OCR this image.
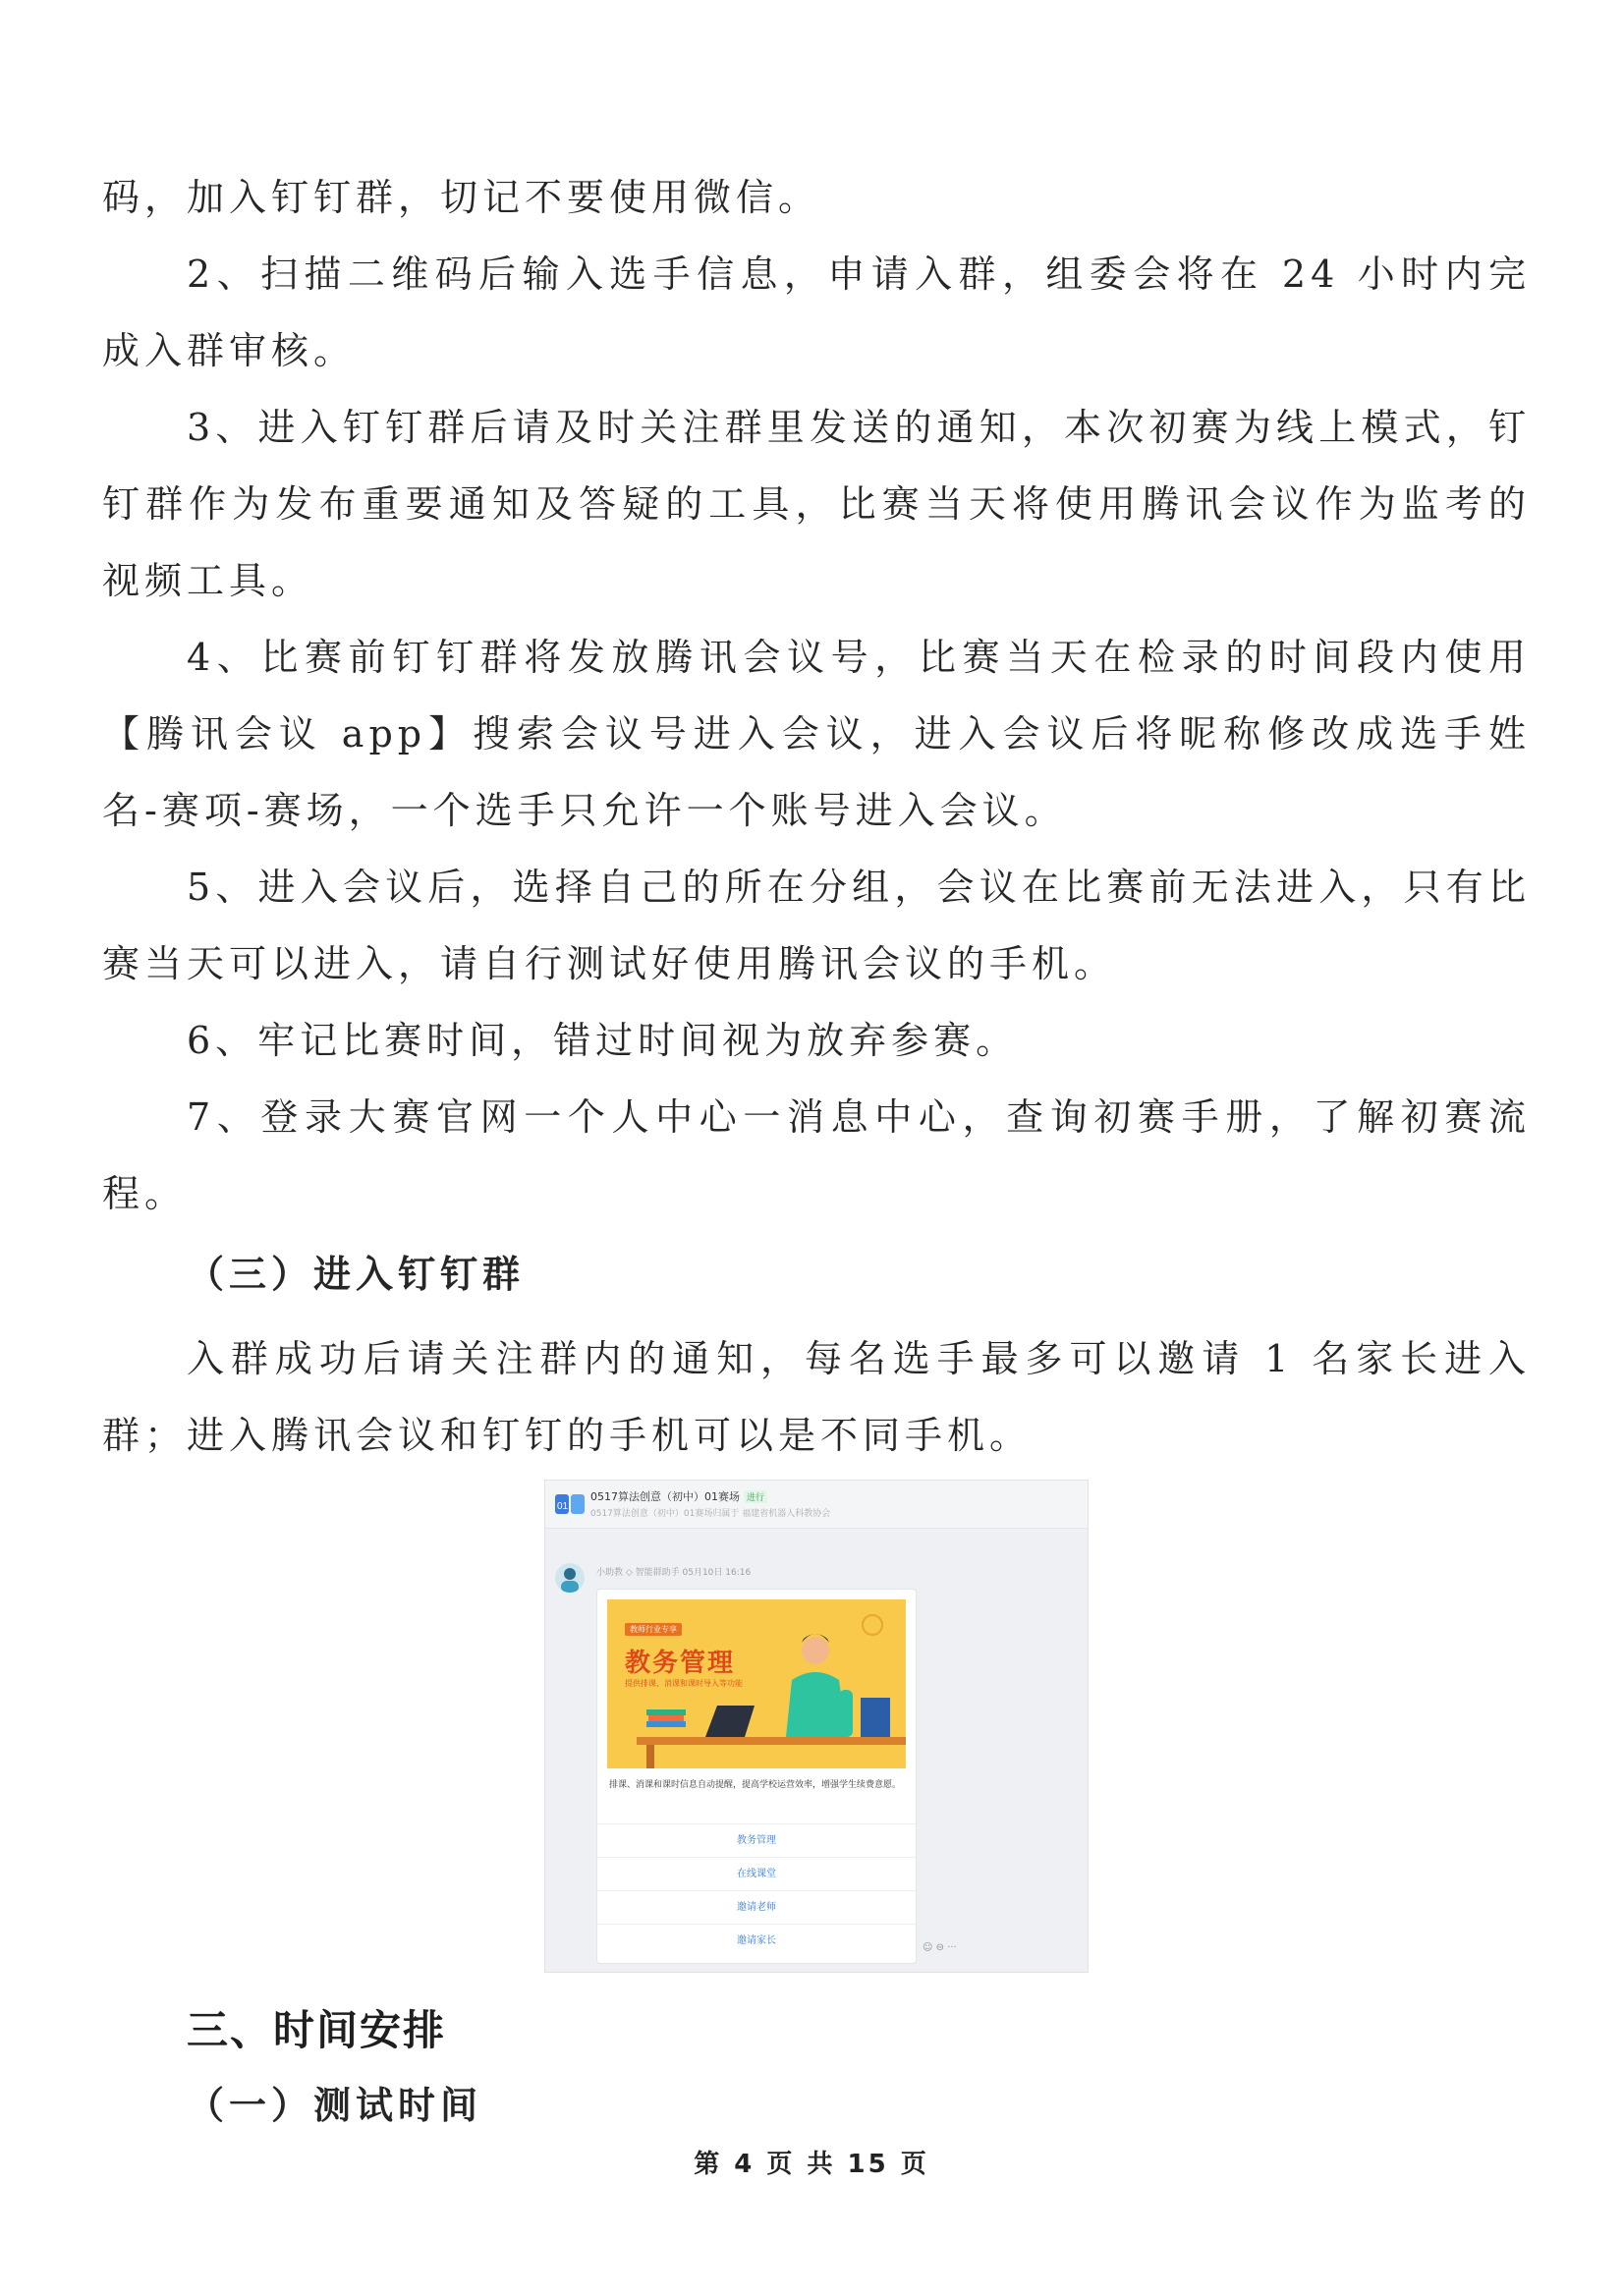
码，加入钉钉群，切记不要使用微信。

2、扫描二维码后输入选手信息，申请入群，组委会将在 24 小时内完成入群审核。

3、进入钉钉群后请及时关注群里发送的通知，本次初赛为线上模式，钉钉群作为发布重要通知及答疑的工具，比赛当天将使用腾讯会议作为监考的视频工具。

4、比赛前钉钉群将发放腾讯会议号，比赛当天在检录的时间段内使用【腾讯会议 app】搜索会议号进入会议，进入会议后将昵称修改成选手姓名-赛项-赛场，一个选手只允许一个账号进入会议。

5、进入会议后，选择自己的所在分组，会议在比赛前无法进入，只有比赛当天可以进入，请自行测试好使用腾讯会议的手机。

6、牢记比赛时间，错过时间视为放弃参赛。

7、登录大赛官网一个人中心一消息中心，查询初赛手册，了解初赛流程。

（三）进入钉钉群

入群成功后请关注群内的通知，每名选手最多可以邀请 1 名家长进入群；进入腾讯会议和钉钉的手机可以是不同手机。

01
0517算法创意（初中）01赛场 进行
0517算法创意（初中）01赛场归属于 福建省机器人科教协会
小助教 ◇ 智能群助手 05月10日 16:16
教师行业专享
教务管理
提供排课、消课和课时导入等功能
排课、消课和课时信息自动提醒，提高学校运营效率，增强学生续费意愿。
教务管理
在线课堂
邀请老师
邀请家长
☺ ⊖ ···
三、时间安排
（一）测试时间
第 4 页 共 15 页
